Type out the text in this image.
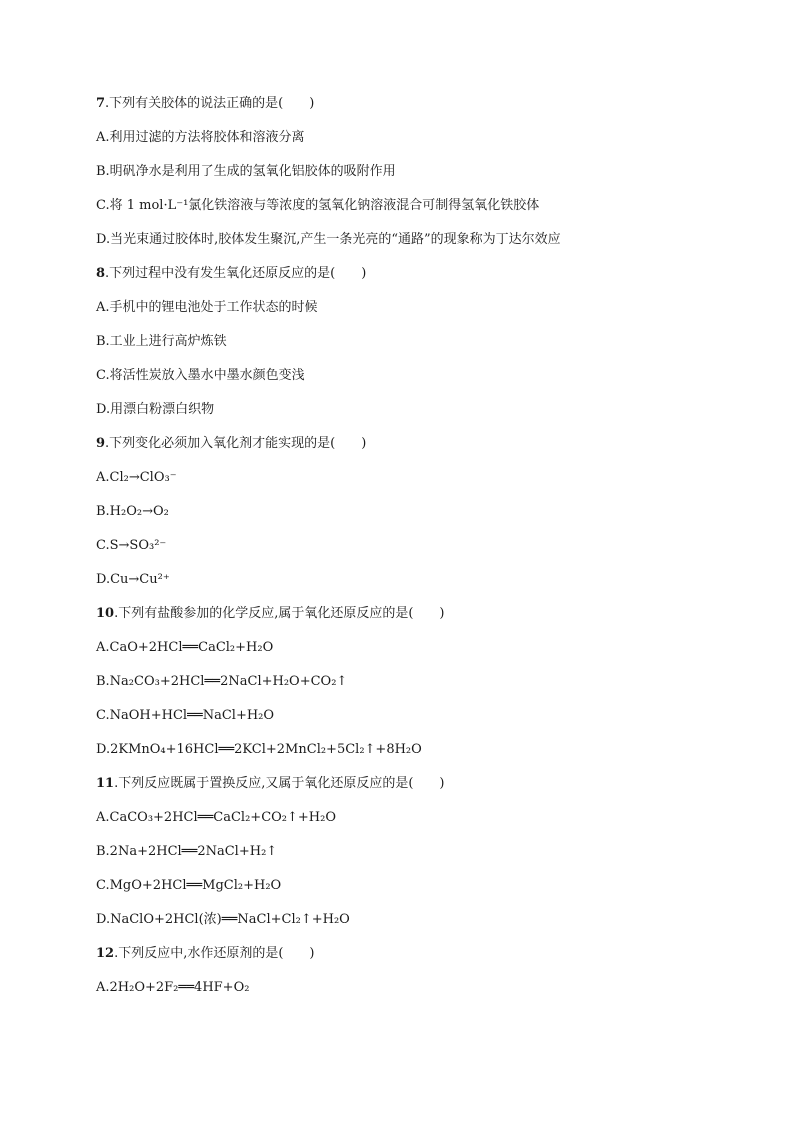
7.下列有关胶体的说法正确的是(　　)
A.利用过滤的方法将胶体和溶液分离
B.明矾净水是利用了生成的氢氧化铝胶体的吸附作用
C.将 1 mol·L⁻¹氯化铁溶液与等浓度的氢氧化钠溶液混合可制得氢氧化铁胶体
D.当光束通过胶体时,胶体发生聚沉,产生一条光亮的“通路”的现象称为丁达尔效应
8.下列过程中没有发生氧化还原反应的是(　　)
A.手机中的锂电池处于工作状态的时候
B.工业上进行高炉炼铁
C.将活性炭放入墨水中墨水颜色变浅
D.用漂白粉漂白织物
9.下列变化必须加入氧化剂才能实现的是(　　)
A.Cl₂→ClO₃⁻
B.H₂O₂→O₂
C.S→SO₃²⁻
D.Cu→Cu²⁺
10.下列有盐酸参加的化学反应,属于氧化还原反应的是(　　)
A.CaO+2HCl══CaCl₂+H₂O
B.Na₂CO₃+2HCl══2NaCl+H₂O+CO₂↑
C.NaOH+HCl══NaCl+H₂O
D.2KMnO₄+16HCl══2KCl+2MnCl₂+5Cl₂↑+8H₂O
11.下列反应既属于置换反应,又属于氧化还原反应的是(　　)
A.CaCO₃+2HCl══CaCl₂+CO₂↑+H₂O
B.2Na+2HCl══2NaCl+H₂↑
C.MgO+2HCl══MgCl₂+H₂O
D.NaClO+2HCl(浓)══NaCl+Cl₂↑+H₂O
12.下列反应中,水作还原剂的是(　　)
A.2H₂O+2F₂══4HF+O₂
